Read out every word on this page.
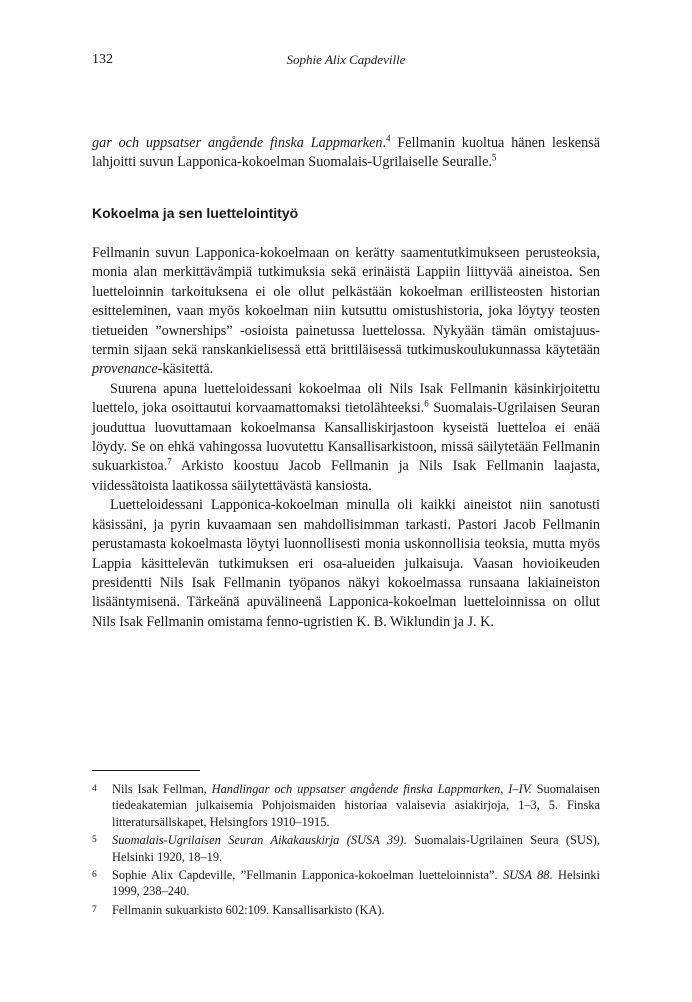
132	Sophie Alix Capdeville

gar och uppsatser angående finska Lappmarken.$^4$ Fellmanin kuoltua hänen leskensä lahjoitti suvun Lapponica-kokoelman Suomalais-Ugrilaiselle Seuralle.$^5$

Kokoelma ja sen luettelointityö

Fellmanin suvun Lapponica-kokoelmaan on kerätty saamentutkimukseen perusteoksia, monia alan merkittävämpiä tutkimuksia sekä erinäistä Lappiin liittyvää aineistoa. Sen luetteloinnin tarkoituksena ei ole ollut pelkästään kokoelman erillisteosten historian esitteleminen, vaan myös kokoelman niin kutsuttu omistushistoria, joka löytyy teosten tietueiden ”ownerships” -osioista painetussa luettelossa. Nykyään tämän omistajuus-termin sijaan sekä ranskankielisessä että brittiläisessä tutkimuskoulukunnassa käytetään provenance-käsitettä.

Suurena apuna luetteloidessani kokoelmaa oli Nils Isak Fellmanin käsinkirjoitettu luettelo, joka osoittautui korvaamattomaksi tietolähteeksi.$^6$ Suomalais-Ugrilaisen Seuran jouduttua luovuttamaan kokoelmansa Kansalliskirjastoon kyseistä luetteloa ei enää löydy. Se on ehkä vahingossa luovutettu Kansallisarkistoon, missä säilytetään Fellmanin sukuarkistoa.$^7$ Arkisto koostuu Jacob Fellmanin ja Nils Isak Fellmanin laajasta, viidessätoista laatikossa säilytettävästä kansiosta.

Luetteloidessani Lapponica-kokoelman minulla oli kaikki aineistot niin sanotusti käsissäni, ja pyrin kuvaamaan sen mahdollisimman tarkasti. Pastori Jacob Fellmanin perustamasta kokoelmasta löytyi luonnollisesti monia uskonnollisia teoksia, mutta myös Lappia käsittelevän tutkimuksen eri osa-alueiden julkaisuja. Vaasan hovioikeuden presidentti Nils Isak Fellmanin työpanos näkyi kokoelmassa runsaana lakiaineiston lisääntymisenä. Tärkeänä apuvälineenä Lapponica-kokoelman luetteloinnissa on ollut Nils Isak Fellmanin omistama fenno-ugristien K. B. Wiklundin ja J. K.

4	Nils Isak Fellman, Handlingar och uppsatser angående finska Lappmarken, I–IV. Suomalaisen tiedeakatemian julkaisemia Pohjoismaiden historiaa valaisevia asiakirjoja, 1–3, 5. Finska litteratursällskapet, Helsingfors 1910–1915.
5	Suomalais-Ugrilaisen Seuran Aikakauskirja (SUSA 39). Suomalais-Ugrilainen Seura (SUS), Helsinki 1920, 18–19.
6	Sophie Alix Capdeville, ”Fellmanin Lapponica-kokoelman luetteloinnista”. SUSA 88. Helsinki 1999, 238–240.
7	Fellmanin sukuarkisto 602:109. Kansallisarkisto (KA).
